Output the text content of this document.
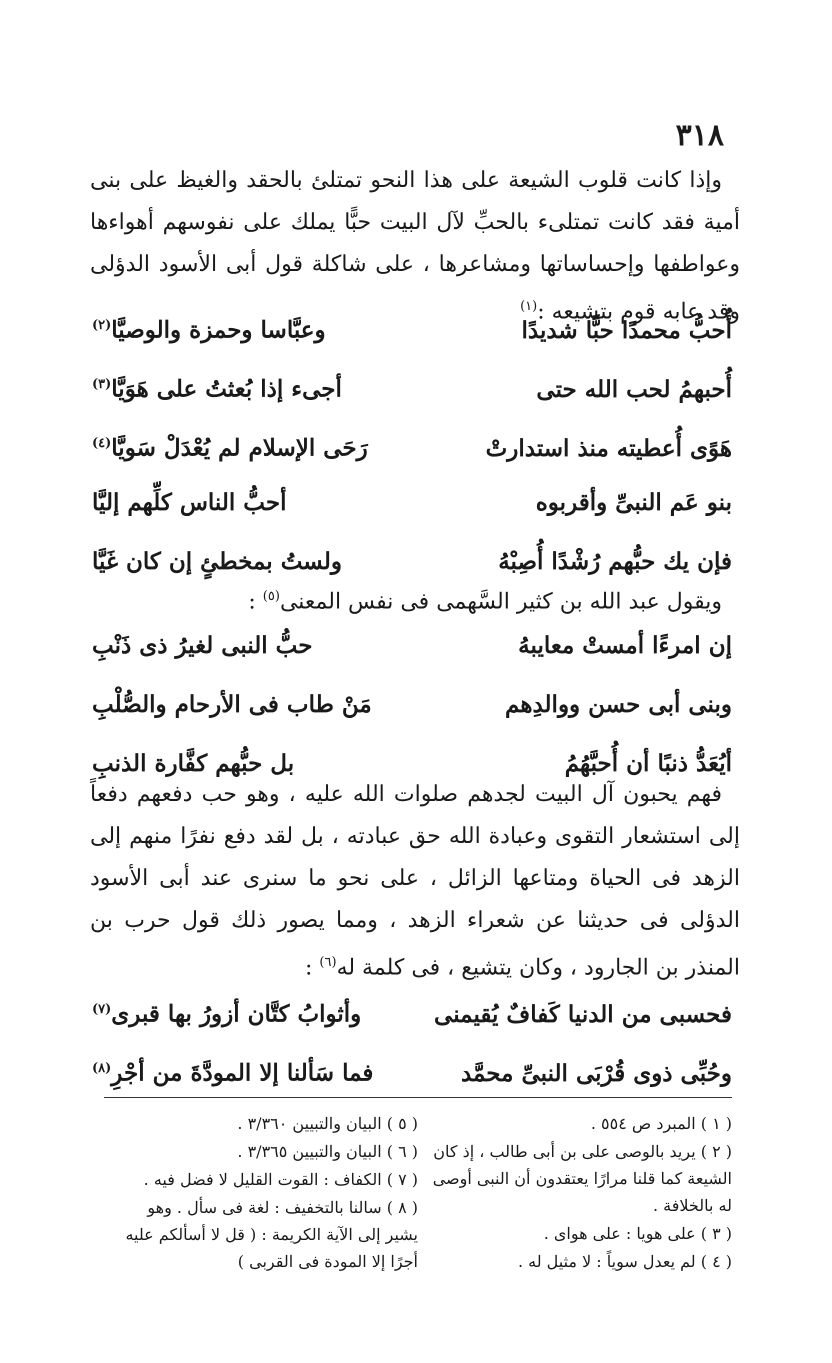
٣١٨

وإذا كانت قلوب الشيعة على هذا النحو تمتلئ بالحقد والغيظ على بنى أمية فقد كانت تمتلىء بالحبِّ لآل البيت حبًّا يملك على نفوسهم أهواءها وعواطفها وإحساساتها ومشاعرها ، على شاكلة قول أبى الأسود الدؤلى وقد عابه قوم بتشيعه :$^{(١)}$

أُحبُّ محمدًا حبًّا شديدًا
وعبَّاسا وحمزة والوصيَّا$^{(٢)}$
أُحبهمُ لحب الله حتى
أجىء إذا بُعثتُ على هَوَيَّا$^{(٣)}$
هَوًى أُعطيته منذ استدارتْ
رَحَى الإسلام لم يُعْدَلْ سَويَّا$^{(٤)}$
بنو عَم النبىِّ وأقربوه
أحبُّ الناس كلِّهم إليَّا
فإن يك حبُّهم رُشْدًا أُصِبْهُ
ولستُ بمخطئٍ إن كان غَيَّا

ويقول عبد الله بن كثير السَّهمى فى نفس المعنى$^{(٥)}$ :

إن امرءًا أمستْ معايبهُ
حبُّ النبى لغيرُ ذى ذَنْبِ
وبنى أبى حسن ووالدِهم
مَنْ طاب فى الأرحام والصُّلْبِ
أيُعَدُّ ذنبًا أن أُحبَّهُمُ
بل حبُّهم كفَّارة الذنبِ

فهم يحبون آل البيت لجدهم صلوات الله عليه ، وهو حب دفعهم دفعاً إلى استشعار التقوى وعبادة الله حق عبادته ، بل لقد دفع نفرًا منهم إلى الزهد فى الحياة ومتاعها الزائل ، على نحو ما سنرى عند أبى الأسود الدؤلى فى حديثنا عن شعراء الزهد ، ومما يصور ذلك قول حرب بن المنذر بن الجارود ، وكان يتشيع ، فى كلمة له$^{(٦)}$ :

فحسبى من الدنيا كَفافٌ يُقيمنى
وأثوابُ كتَّان أزورُ بها قبرى$^{(٧)}$
وحُبِّى ذوى قُرْبَى النبىِّ محمَّد
فما سَألنا إلا المودَّةَ من أجْرِ$^{(٨)}$

( ١ ) المبرد ص ٥٥٤ .

( ٢ ) يريد بالوصى على بن أبى طالب ، إذ كان الشيعة كما قلنا مرارًا يعتقدون أن النبى أوصى له بالخلافة .

( ٣ ) على هويا : على هواى .

( ٤ ) لم يعدل سوياً : لا مثيل له .

( ٥ ) البيان والتبيين ٣/٣٦٠ .

( ٦ ) البيان والتبيين ٣/٣٦٥ .

( ٧ ) الكفاف : القوت القليل لا فضل فيه .

( ٨ ) سالنا بالتخفيف : لغة فى سأل . وهو يشير إلى الآية الكريمة : ( قل لا أسألكم عليه أجرًا إلا المودة فى القربى )
